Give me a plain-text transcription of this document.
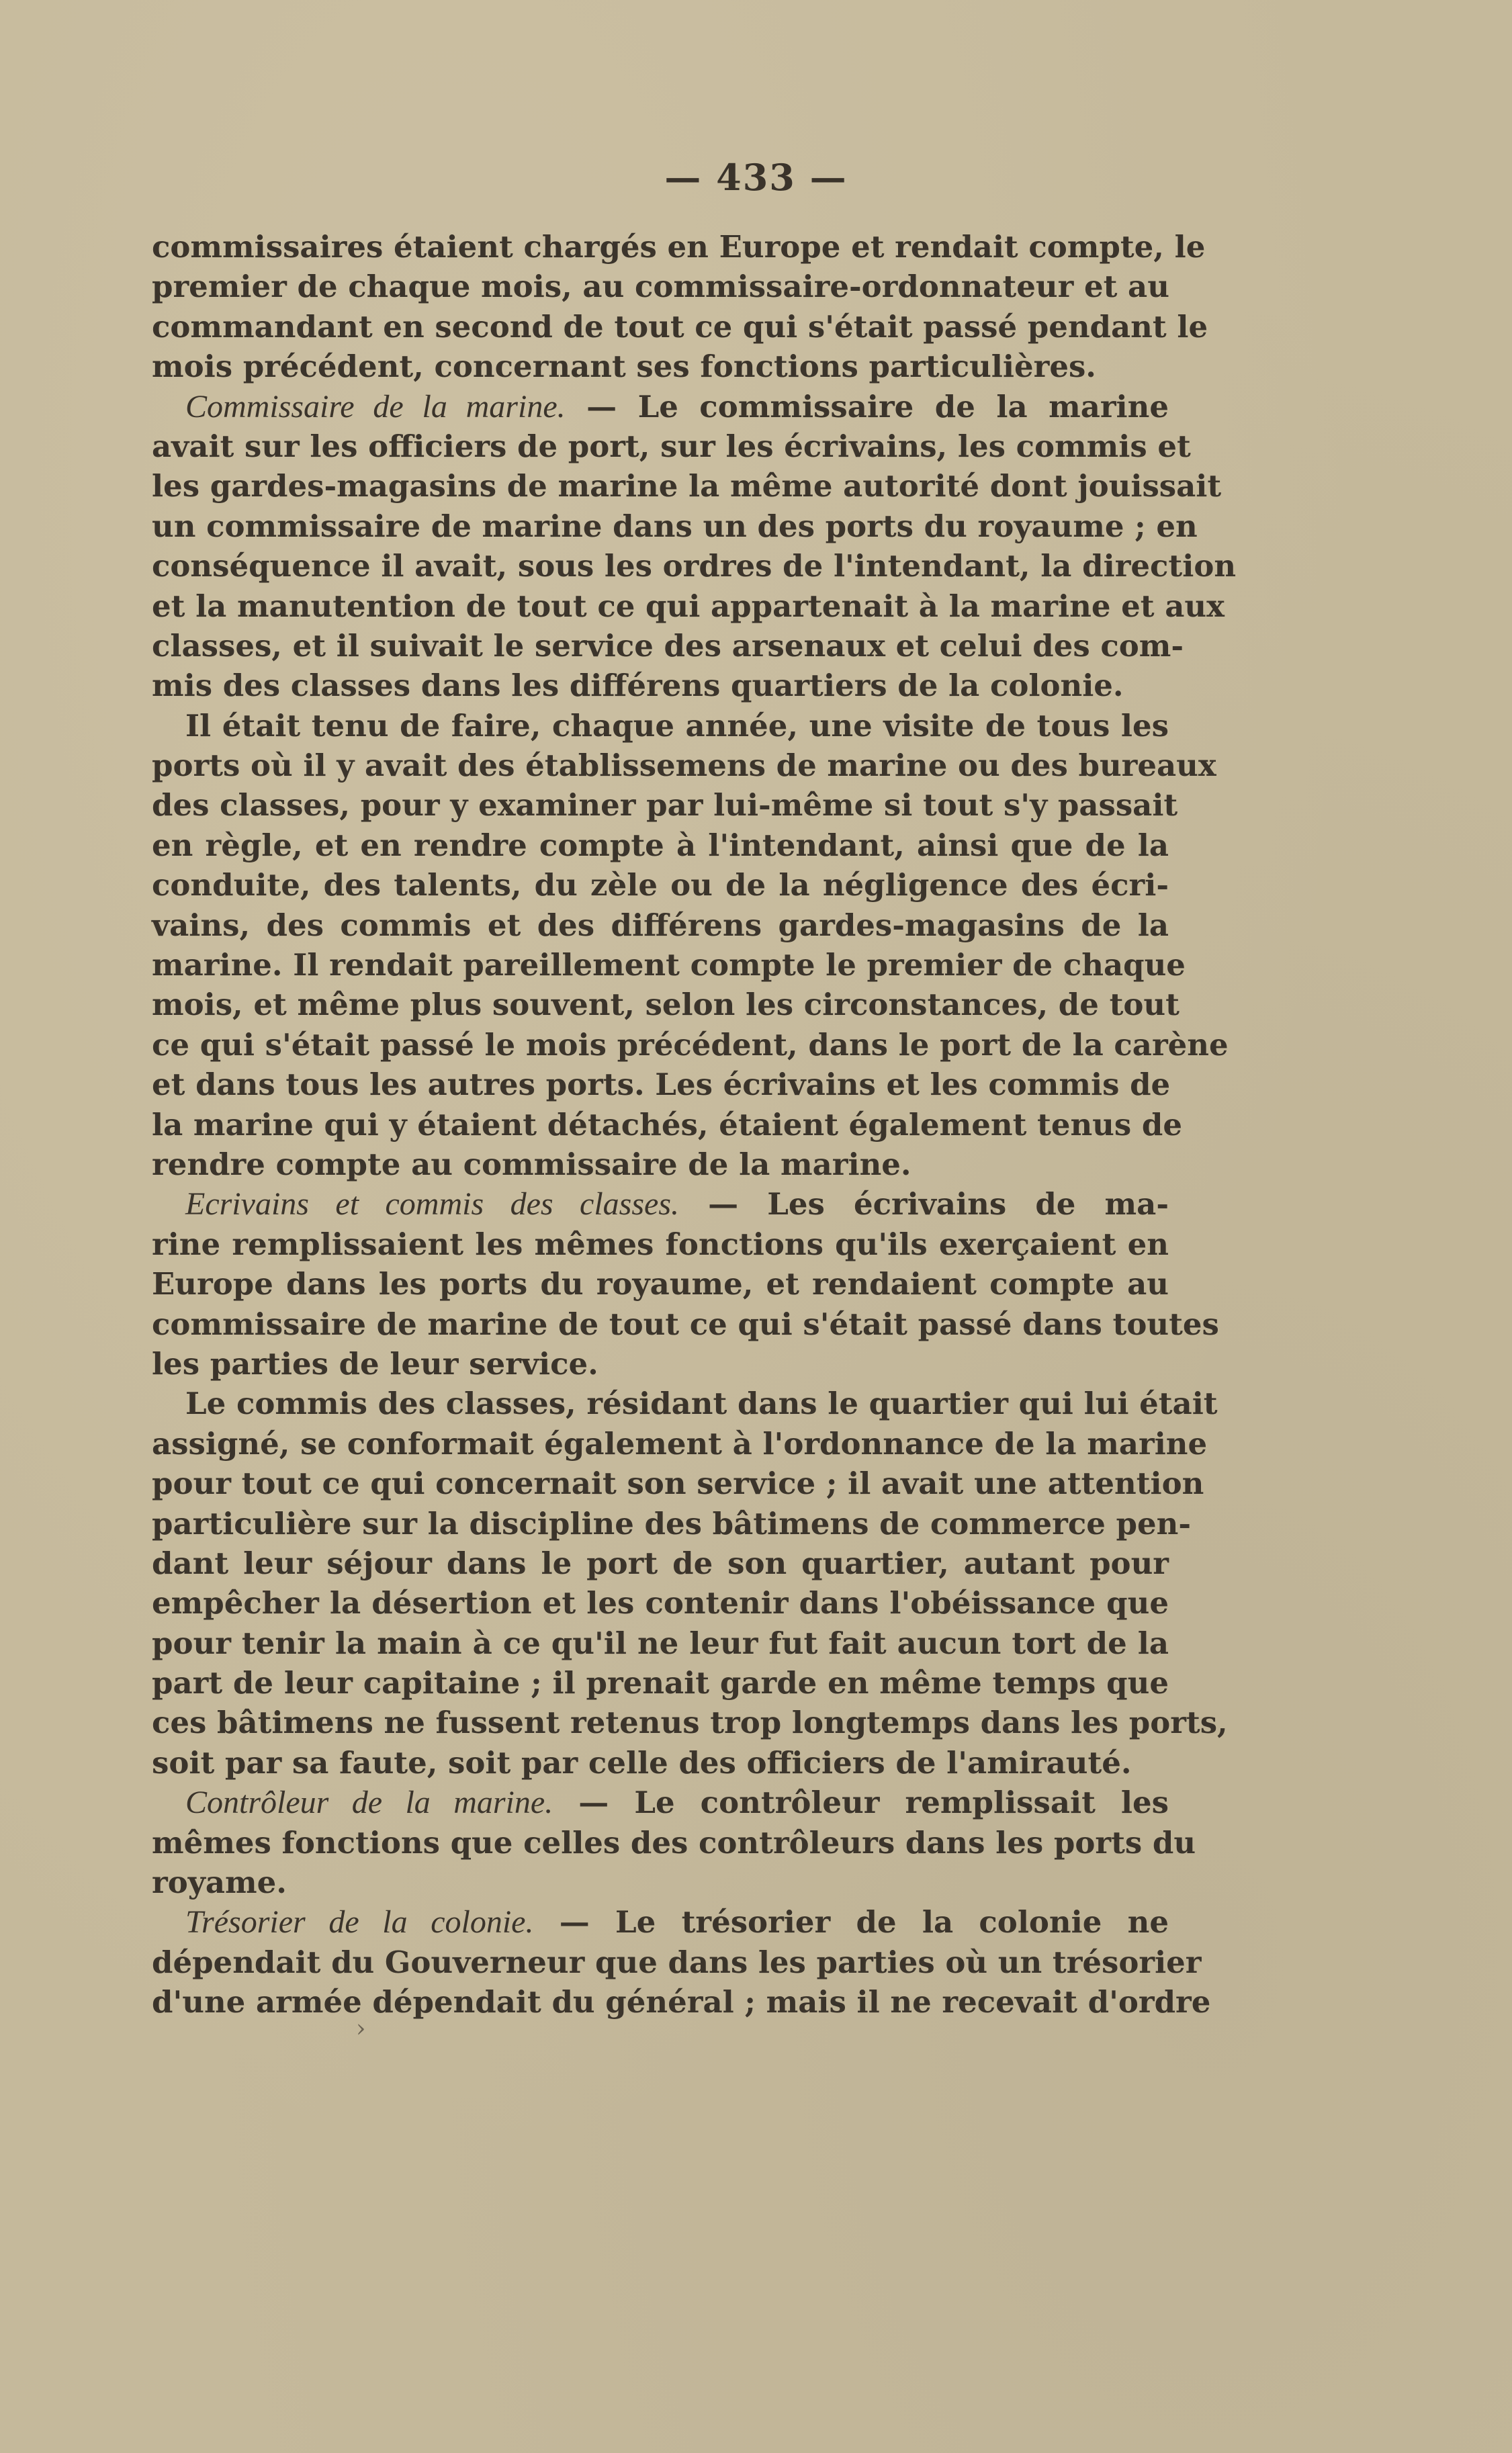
— 433 —
commissaires étaient chargés en Europe et rendait compte, le
premier de chaque mois, au commissaire-ordonnateur et au
commandant en second de tout ce qui s'était passé pendant le
mois précédent, concernant ses fonctions particulières.
Commissaire de la marine. — Le commissaire de la marine
avait sur les officiers de port, sur les écrivains, les commis et
les gardes-magasins de marine la même autorité dont jouissait
un commissaire de marine dans un des ports du royaume ; en
conséquence il avait, sous les ordres de l'intendant, la direction
et la manutention de tout ce qui appartenait à la marine et aux
classes, et il suivait le service des arsenaux et celui des com-
mis des classes dans les différens quartiers de la colonie.
Il était tenu de faire, chaque année, une visite de tous les
ports où il y avait des établissemens de marine ou des bureaux
des classes, pour y examiner par lui-même si tout s'y passait
en règle, et en rendre compte à l'intendant, ainsi que de la
conduite, des talents, du zèle ou de la négligence des écri-
vains, des commis et des différens gardes-magasins de la
marine. Il rendait pareillement compte le premier de chaque
mois, et même plus souvent, selon les circonstances, de tout
ce qui s'était passé le mois précédent, dans le port de la carène
et dans tous les autres ports. Les écrivains et les commis de
la marine qui y étaient détachés, étaient également tenus de
rendre compte au commissaire de la marine.
Ecrivains et commis des classes. — Les écrivains de ma-
rine remplissaient les mêmes fonctions qu'ils exerçaient en
Europe dans les ports du royaume, et rendaient compte au
commissaire de marine de tout ce qui s'était passé dans toutes
les parties de leur service.
Le commis des classes, résidant dans le quartier qui lui était
assigné, se conformait également à l'ordonnance de la marine
pour tout ce qui concernait son service ; il avait une attention
particulière sur la discipline des bâtimens de commerce pen-
dant leur séjour dans le port de son quartier, autant pour
empêcher la désertion et les contenir dans l'obéissance que
pour tenir la main à ce qu'il ne leur fut fait aucun tort de la
part de leur capitaine ; il prenait garde en même temps que
ces bâtimens ne fussent retenus trop longtemps dans les ports,
soit par sa faute, soit par celle des officiers de l'amirauté.
Contrôleur de la marine. — Le contrôleur remplissait les
mêmes fonctions que celles des contrôleurs dans les ports du
royame.
Trésorier de la colonie. — Le trésorier de la colonie ne
dépendait du Gouverneur que dans les parties où un trésorier
d'une armée dépendait du général ; mais il ne recevait d'ordre
›
